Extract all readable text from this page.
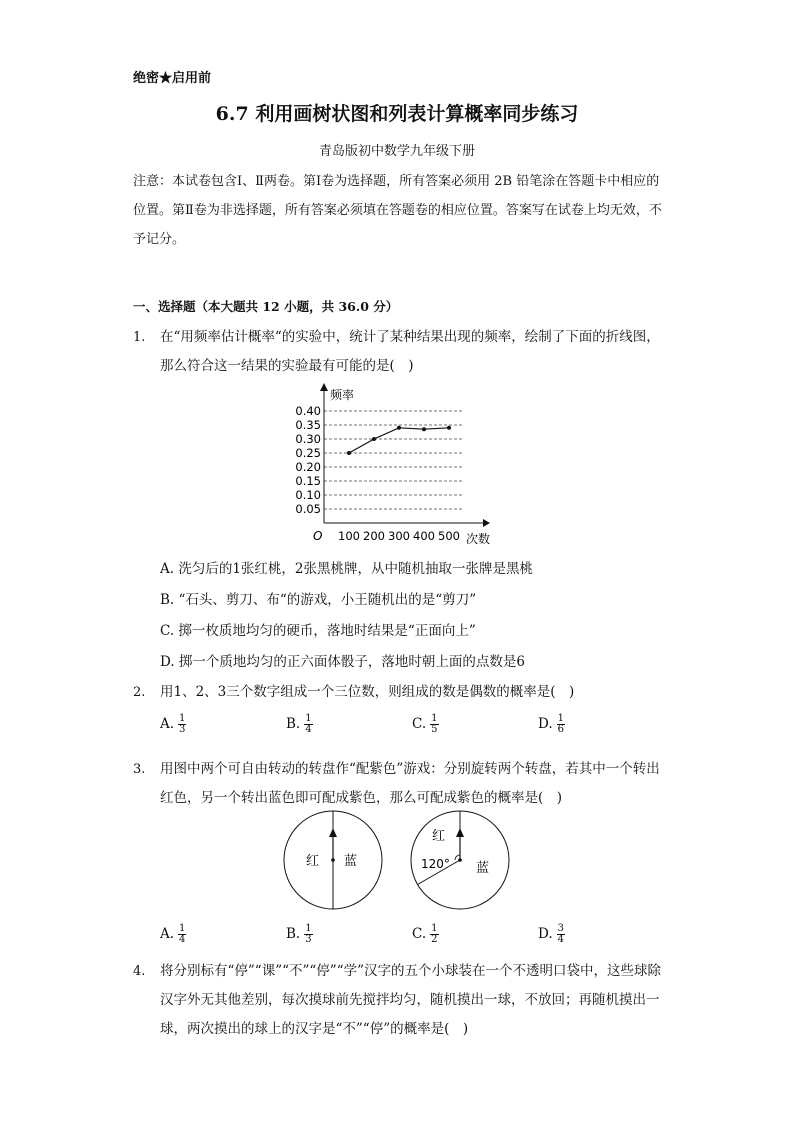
绝密★启用前
6.7 利用画树状图和列表计算概率同步练习
青岛版初中数学九年级下册
注意：本试卷包含Ⅰ、Ⅱ两卷。第Ⅰ卷为选择题，所有答案必须用 2B 铅笔涂在答题卡中相应的位置。第Ⅱ卷为非选择题，所有答案必须填在答题卷的相应位置。答案写在试卷上均无效，不予记分。
一、选择题（本大题共 12 小题，共 36.0 分）
1. 在“用频率估计概率“的实验中，统计了某种结果出现的频率，绘制了下面的折线图，那么符合这一结果的实验最有可能的是(　)
频率
次数
O
0.05
0.10
0.15
0.20
0.25
0.30
0.35
0.40
100 200 300 400 500
A. 洗匀后的1张红桃，2张黑桃牌，从中随机抽取一张牌是黑桃
B. “石头、剪刀、布“的游戏，小王随机出的是“剪刀”
C. 掷一枚质地均匀的硬币，落地时结果是“正面向上”
D. 掷一个质地均匀的正六面体骰子，落地时朝上面的点数是6
2. 用1、2、3三个数字组成一个三位数，则组成的数是偶数的概率是(　)
A. $\frac{1}{3}$	B. $\frac{1}{4}$	C. $\frac{1}{5}$	D. $\frac{1}{6}$
3. 用图中两个可自由转动的转盘作“配紫色”游戏：分别旋转两个转盘，若其中一个转出红色，另一个转出蓝色即可配成紫色，那么可配成紫色的概率是(　)
红 蓝
红
120° 蓝
A. $\frac{1}{4}$	B. $\frac{1}{3}$	C. $\frac{1}{2}$	D. $\frac{3}{4}$
4. 将分别标有“停”“课”“不”“停”“学”汉字的五个小球装在一个不透明口袋中，这些球除汉字外无其他差别，每次摸球前先搅拌均匀，随机摸出一球，不放回；再随机摸出一球，两次摸出的球上的汉字是“不”“停”的概率是(　)
